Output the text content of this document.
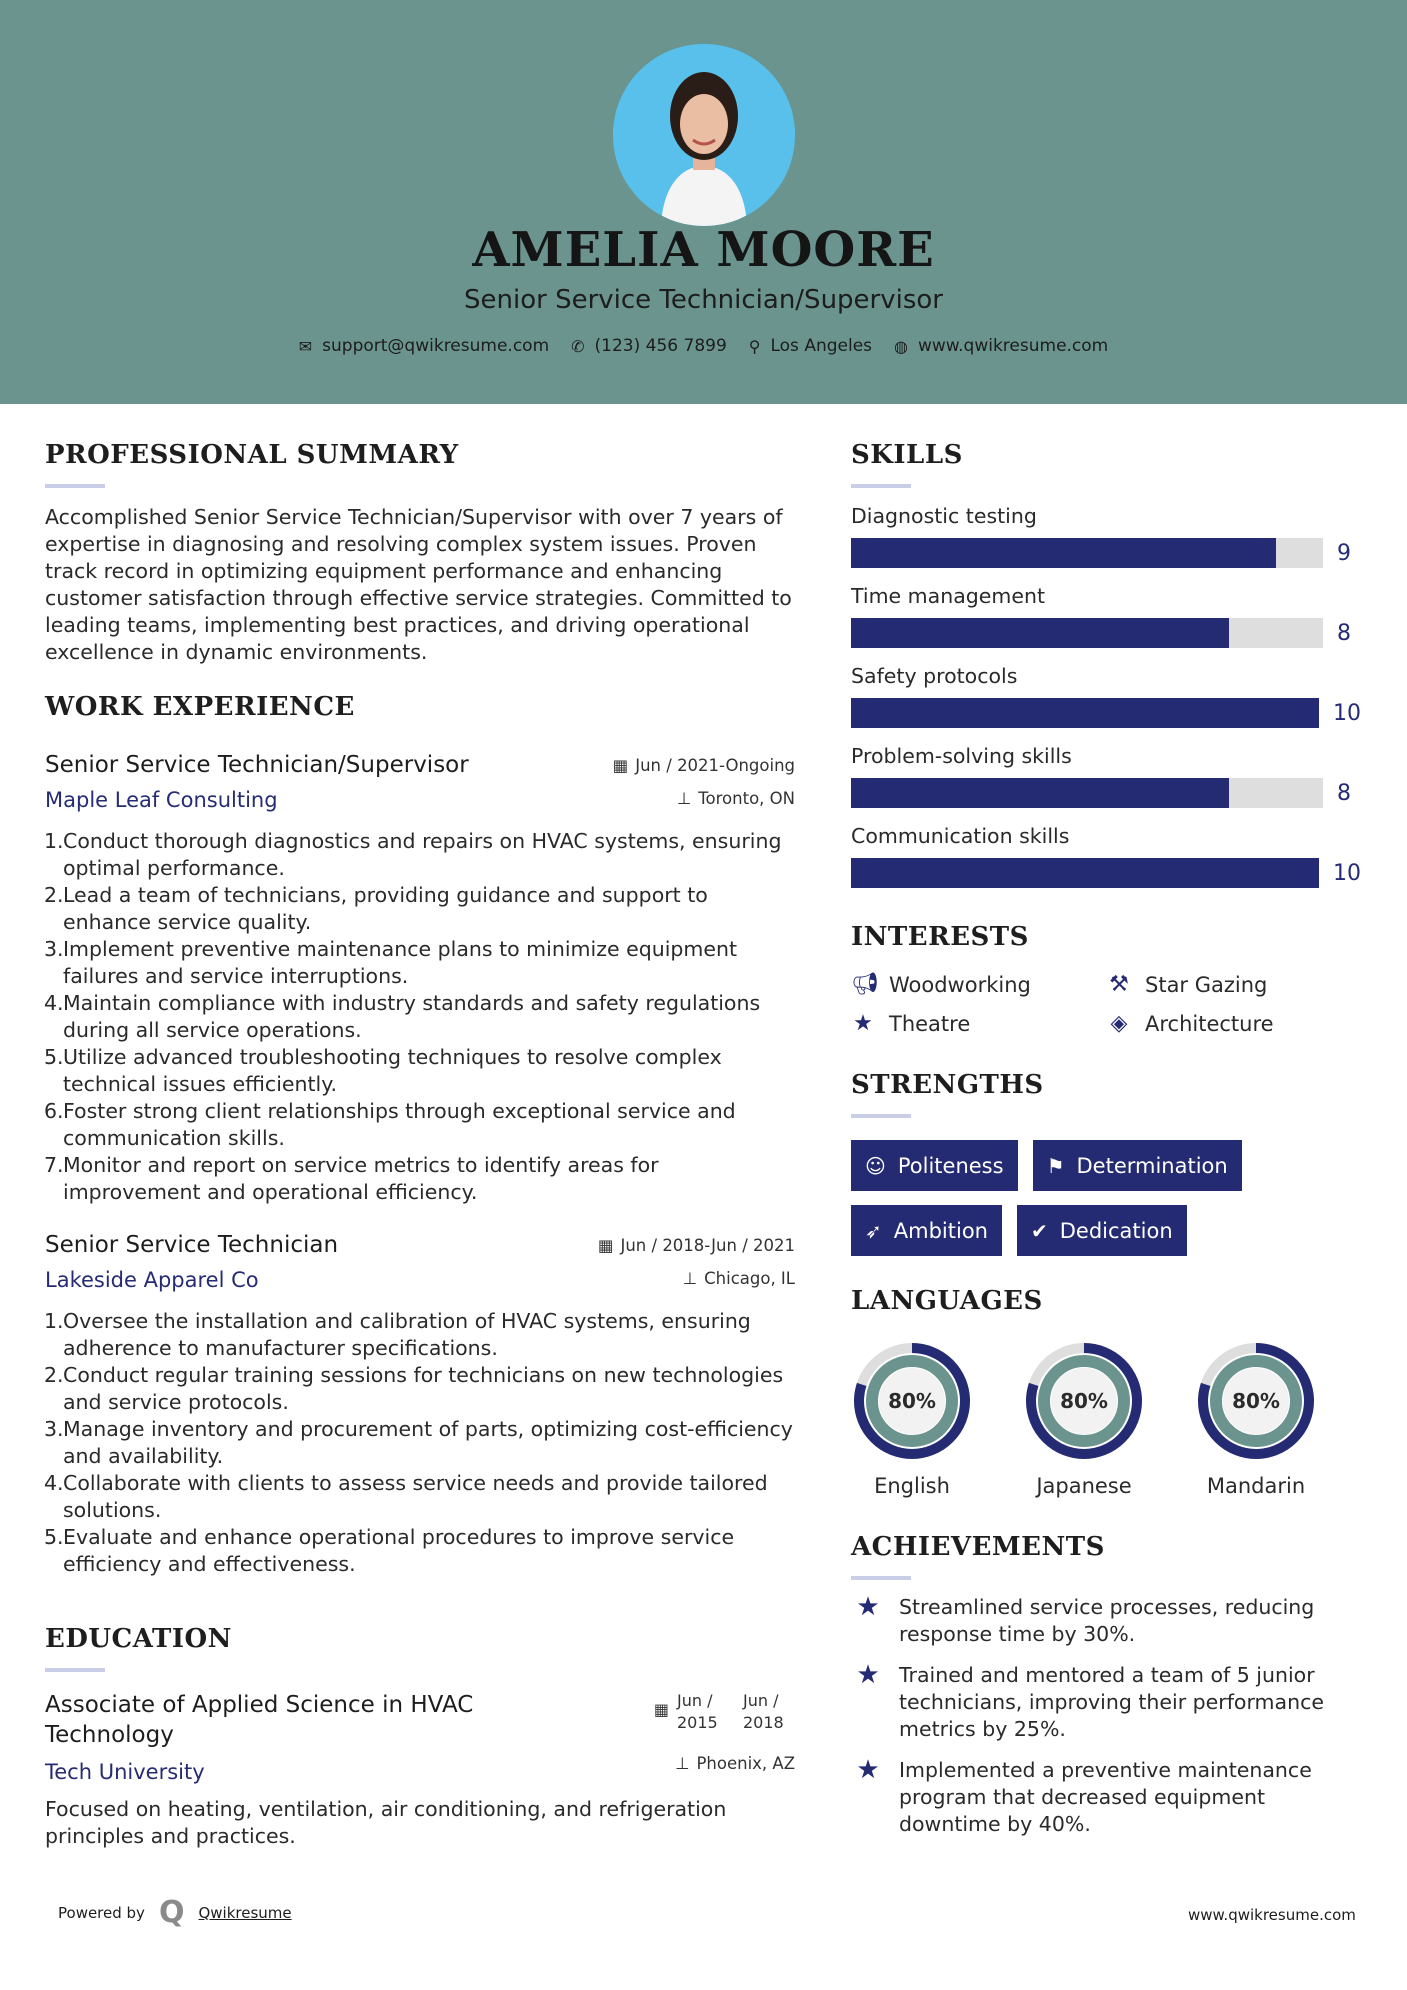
AMELIA MOORE
Senior Service Technician/Supervisor
✉ support@qwikresume.com ✆ (123) 456 7899 ⚲ Los Angeles ◍ www.qwikresume.com
PROFESSIONAL SUMMARY
Accomplished Senior Service Technician/Supervisor with over 7 years of expertise in diagnosing and resolving complex system issues. Proven track record in optimizing equipment performance and enhancing customer satisfaction through effective service strategies. Committed to leading teams, implementing best practices, and driving operational excellence in dynamic environments.
WORK EXPERIENCE
▦ Jun / 2021-Ongoing
⊥ Toronto, ON
Senior Service Technician/Supervisor
Maple Leaf Consulting
1. Conduct thorough diagnostics and repairs on HVAC systems, ensuring optimal performance.
2. Lead a team of technicians, providing guidance and support to enhance service quality.
3. Implement preventive maintenance plans to minimize equipment failures and service interruptions.
4. Maintain compliance with industry standards and safety regulations during all service operations.
5. Utilize advanced troubleshooting techniques to resolve complex technical issues efficiently.
6. Foster strong client relationships through exceptional service and communication skills.
7. Monitor and report on service metrics to identify areas for improvement and operational efficiency.
▦ Jun / 2018-Jun / 2021
⊥ Chicago, IL
Senior Service Technician
Lakeside Apparel Co
1. Oversee the installation and calibration of HVAC systems, ensuring adherence to manufacturer specifications.
2. Conduct regular training sessions for technicians on new technologies and service protocols.
3. Manage inventory and procurement of parts, optimizing cost-efficiency and availability.
4. Collaborate with clients to assess service needs and provide tailored solutions.
5. Evaluate and enhance operational procedures to improve service efficiency and effectiveness.
EDUCATION
▦ Jun / 2015
Jun / 2018
⊥ Phoenix, AZ
Associate of Applied Science in HVAC Technology
Tech University
Focused on heating, ventilation, air conditioning, and refrigeration principles and practices.
SKILLS
Diagnostic testing
9
Time management
8
Safety protocols
10
Problem-solving skills
8
Communication skills
10
INTERESTS
📢︎ Woodworking	⚒ Star Gazing
★ Theatre	◈ Architecture
STRENGTHS
☺ Politeness ⚑ Determination
➶ Ambition ✔ Dedication
LANGUAGES
80%
English
80%
Japanese
80%
Mandarin
ACHIEVEMENTS
★ Streamlined service processes, reducing response time by 30%.
★ Trained and mentored a team of 5 junior technicians, improving their performance metrics by 25%.
★ Implemented a preventive maintenance program that decreased equipment downtime by 40%.
Powered by Q Qwikresume	www.qwikresume.com
